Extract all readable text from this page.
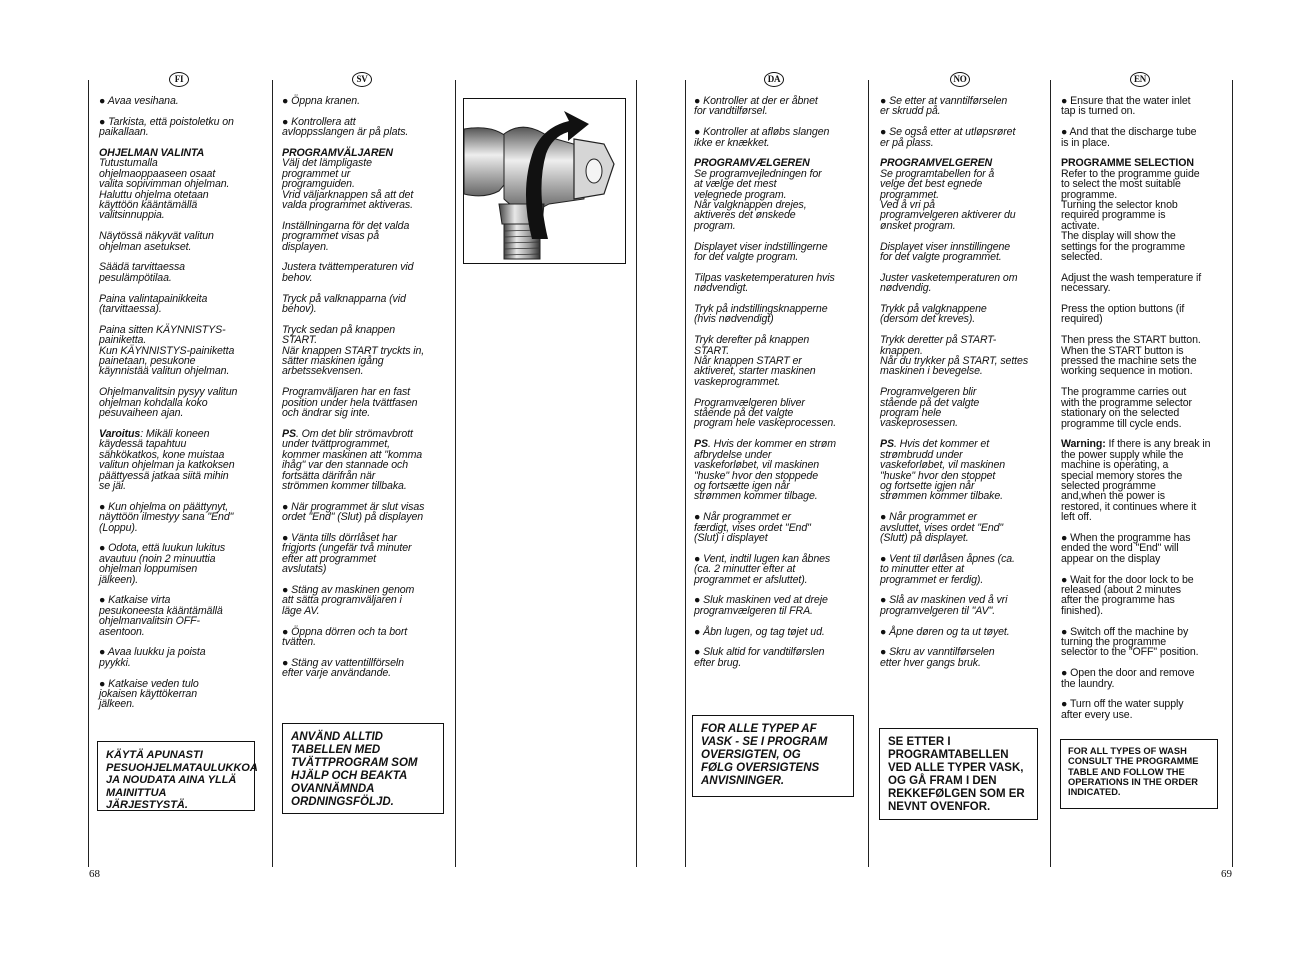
FI	SV	DA	NO	EN
● Avaa vesihana.
● Tarkista, että poistoletku on
paikallaan.
OHJELMAN VALINTA
Tutustumalla
ohjelmaoppaaseen osaat
valita sopivimman ohjelman.
Haluttu ohjelma otetaan
käyttöön kääntämällä
valitsinnuppia.
Näytössä näkyvät valitun
ohjelman asetukset.

Säädä tarvittaessa
pesulämpötilaa.
Paina valintapainikkeita
(tarvittaessa).
Paina sitten KÄYNNISTYS-
painiketta.
Kun KÄYNNISTYS-painiketta
painetaan, pesukone
käynnistää valitun ohjelman.
Ohjelmanvalitsin pysyy valitun
ohjelman kohdalla koko
pesuvaiheen ajan.
Varoitus: Mikäli koneen
käydessä tapahtuu
sähkökatkos, kone muistaa
valitun ohjelman ja katkoksen
päättyessä jatkaa siitä mihin
se jäi.
● Kun ohjelma on päättynyt,
näyttöön ilmestyy sana "End"
(Loppu).
● Odota, että luukun lukitus
avautuu (noin 2 minuuttia
ohjelman loppumisen
jälkeen).
● Katkaise virta
pesukoneesta kääntämällä
ohjelmanvalitsin OFF-
asentoon.
● Avaa luukku ja poista
pyykki.
● Katkaise veden tulo
jokaisen käyttökerran
jälkeen.
● Öppna kranen.
● Kontrollera att
avloppsslangen är på plats.
PROGRAMVÄLJAREN
Välj det lämpligaste
programmet ur
programguiden.
Vrid väljarknappen så att det
valda programmet aktiveras.

Inställningarna för det valda
programmet visas på
displayen.
Justera tvättemperaturen vid
behov.
Tryck på valknapparna (vid
behov).
Tryck sedan på knappen
START.
När knappen START tryckts in,
sätter maskinen igång
arbetssekvensen.
Programväljaren har en fast
position under hela tvättfasen
och ändrar sig inte.
PS. Om det blir strömavbrott
under tvättprogrammet,
kommer maskinen att "komma
ihåg" var den stannade och
fortsätta därifrån när
strömmen kommer tillbaka.
● När programmet är slut visas
ordet "End" (Slut) på displayen
● Vänta tills dörrlåset har
frigjorts (ungefär två minuter
efter att programmet
avslutats)
● Stäng av maskinen genom
att sätta programväljaren i
läge AV.

● Öppna dörren och ta bort
tvätten.
● Stäng av vattentillförseln
efter varje användande.
● Kontroller at der er åbnet
for vandtilførsel.
● Kontroller at afløbs slangen
ikke er knækket.
PROGRAMVÆLGEREN
Se programvejledningen for
at vælge det mest
velegnede program.
Når valgknappen drejes,
aktiveres det ønskede
program.
Displayet viser indstillingerne
for det valgte program.
Tilpas vasketemperaturen hvis
nødvendigt.
Tryk på indstillingsknapperne
(hvis nødvendigt)
Tryk derefter på knappen
START.
Når knappen START er
aktiveret, starter maskinen
vaskeprogrammet.
Programvælgeren bliver
stående på det valgte
program hele vaskeprocessen.

PS. Hvis der kommer en strøm
afbrydelse under
vaskeforløbet, vil maskinen
"huske" hvor den stoppede
og fortsætte igen når
strømmen kommer tilbage.
● Når programmet er
færdigt, vises ordet "End"
(Slut) i displayet
● Vent, indtil lugen kan åbnes
(ca. 2 minutter efter at
programmet er afsluttet).
● Sluk maskinen ved at dreje
programvælgeren til FRA.

● Åbn lugen, og tag tøjet ud.
● Sluk altid for vandtilførslen
efter brug.
● Se etter at vanntilførselen
er skrudd på.
● Se også etter at utløpsrøret
er på plass.
PROGRAMVELGEREN
Se programtabellen for å
velge det best egnede
programmet.
Ved å vri på
programvelgeren aktiverer du
ønsket program.
Displayet viser innstillingene
for det valgte programmet.
Juster vasketemperaturen om
nødvendig.
Trykk på valgknappene
(dersom det kreves).
Trykk deretter på START-
knappen.
Når du trykker på START, settes
maskinen i bevegelse.

Programvelgeren blir
stående på det valgte
program hele
vaskeprosessen.
PS. Hvis det kommer et
strømbrudd under
vaskeforløbet, vil maskinen
"huske" hvor den stoppet
og fortsette igjen når
strømmen kommer tilbake.

● Når programmet er
avsluttet, vises ordet "End"
(Slutt) på displayet.
● Vent til dørlåsen åpnes (ca.
to minutter etter at
programmet er ferdig).
● Slå av maskinen ved å vri
programvelgeren til "AV".
● Åpne døren og ta ut tøyet.
● Skru av vanntilførselen
etter hver gangs bruk.
● Ensure that the water inlet
tap is turned on.
● And that the discharge tube
is in place.
PROGRAMME SELECTION
Refer to the programme guide
to select the most suitable
programme.
Turning the selector knob
required programme is
activate.
The display will show the
settings for the programme
selected.
Adjust the wash temperature if
necessary.
Press the option buttons (if
required)
Then press the START button.
When the START button is
pressed the machine sets the
working sequence in motion.

The programme carries out
with the programme selector
stationary on the selected
programme till cycle ends.

Warning: If there is any break in
the power supply while the
machine is operating, a
special memory stores the
selected programme
and,when the power is
restored, it continues where it
left off.
● When the programme has
ended the word "End" will
appear on the display
● Wait for the door lock to be
released (about 2 minutes
after the programme has
finished).
● Switch off the machine by
turning the programme
selector to the "OFF" position.

● Open the door and remove
the laundry.
● Turn off the water supply
after every use.
KÄYTÄ APUNASTI
PESUOHJELMATAULUKKOA
JA NOUDATA AINA YLLÄ
MAINITTUA JÄRJESTYSTÄ.
ANVÄND ALLTID
TABELLEN MED
TVÄTTPROGRAM SOM
HJÄLP OCH BEAKTA
OVANNÄMNDA
ORDNINGSFÖLJD.
FOR ALLE TYPEP AF
VASK - SE I PROGRAM
OVERSIGTEN, OG
FØLG OVERSIGTENS
ANVISNINGER.
SE ETTER I
PROGRAMTABELLEN
VED ALLE TYPER VASK,
OG GÅ FRAM I DEN
REKKEFØLGEN SOM ER
NEVNT OVENFOR.
FOR ALL TYPES OF WASH
CONSULT THE PROGRAMME
TABLE AND FOLLOW THE
OPERATIONS IN THE ORDER
INDICATED.
68	69
